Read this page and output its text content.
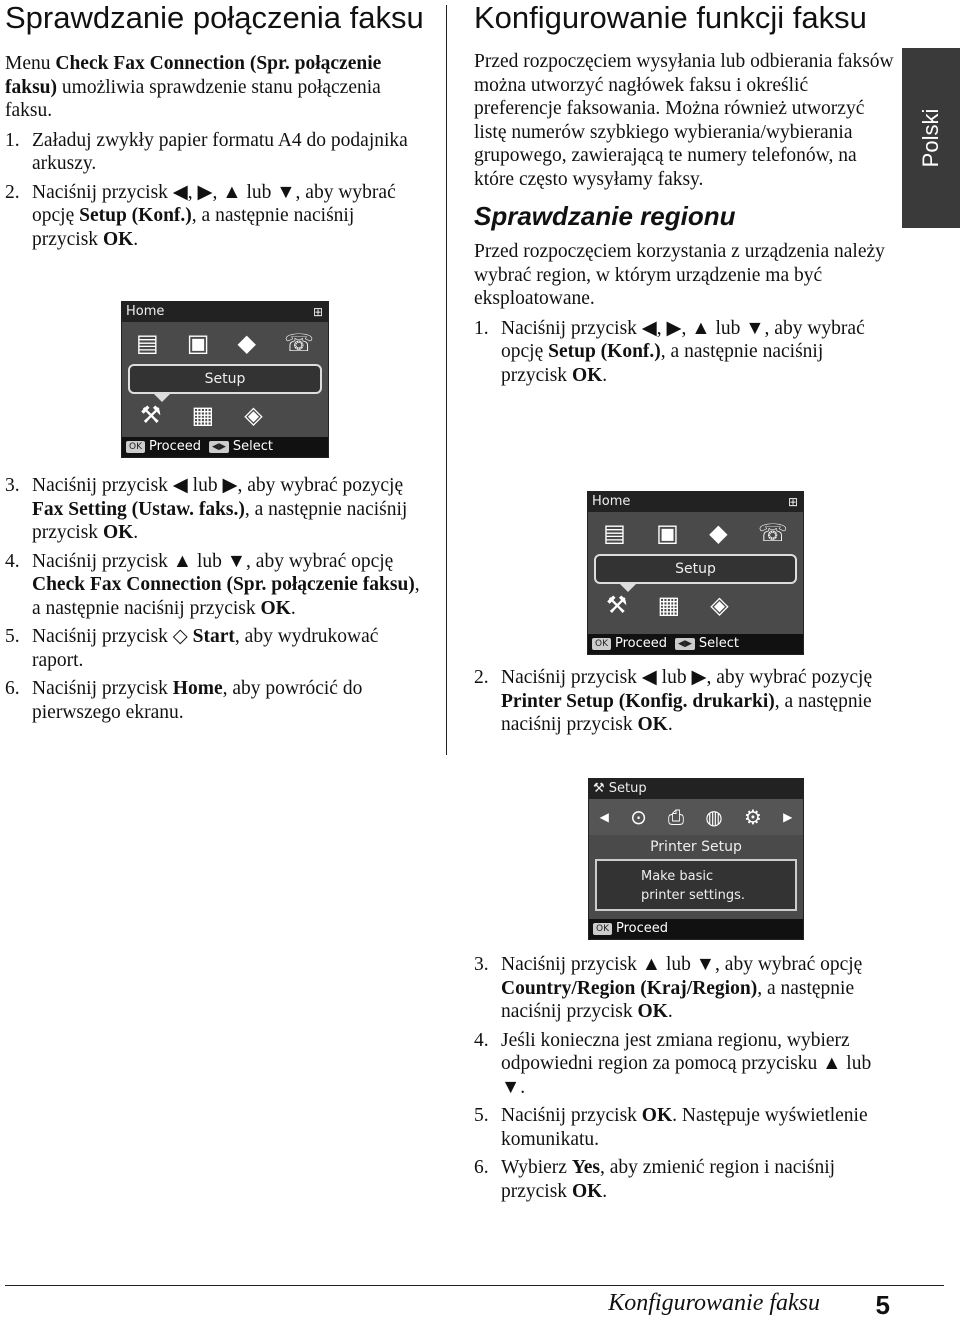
Sprawdzanie połączenia faksu

Menu Check Fax Connection (Spr. połączenie faksu) umożliwia sprawdzenie stanu połączenia faksu.

1. Załaduj zwykły papier formatu A4 do podajnika arkuszy.
2. Naciśnij przycisk ◀, ▶, ▲ lub ▼, aby wybrać opcję Setup (Konf.), a następnie naciśnij przycisk OK.
Home	⊞
▤ ▣ ◆ ☏
Setup
⚒ ▦ ◈
OK Proceed ◀▶ Select
3. Naciśnij przycisk ◀ lub ▶, aby wybrać pozycję Fax Setting (Ustaw. faks.), a następnie naciśnij przycisk OK.
4. Naciśnij przycisk ▲ lub ▼, aby wybrać opcję Check Fax Connection (Spr. połączenie faksu), a następnie naciśnij przycisk OK.
5. Naciśnij przycisk ◇ Start, aby wydrukować raport.
6. Naciśnij przycisk Home, aby powrócić do pierwszego ekranu.
Konfigurowanie funkcji faksu

Przed rozpoczęciem wysyłania lub odbierania faksów można utworzyć nagłówek faksu i określić preferencje faksowania. Można również utworzyć listę numerów szybkiego wybierania/wybierania grupowego, zawierającą te numery telefonów, na które często wysyłamy faksy.

Sprawdzanie regionu

Przed rozpoczęciem korzystania z urządzenia należy wybrać region, w którym urządzenie ma być eksploatowane.

1. Naciśnij przycisk ◀, ▶, ▲ lub ▼, aby wybrać opcję Setup (Konf.), a następnie naciśnij przycisk OK.
Home	⊞
▤ ▣ ◆ ☏
Setup
⚒ ▦ ◈
OK Proceed ◀▶ Select
2. Naciśnij przycisk ◀ lub ▶, aby wybrać pozycję Printer Setup (Konfig. drukarki), a następnie naciśnij przycisk OK.
⚒ Setup
◀ ⊙ ⎙ ◍ ⚙ ▶
Printer Setup
Make basic printer settings.
OK Proceed
3. Naciśnij przycisk ▲ lub ▼, aby wybrać opcję Country/Region (Kraj/Region), a następnie naciśnij przycisk OK.
4. Jeśli konieczna jest zmiana regionu, wybierz odpowiedni region za pomocą przycisku ▲ lub ▼.
5. Naciśnij przycisk OK. Następuje wyświetlenie komunikatu.
6. Wybierz Yes, aby zmienić region i naciśnij przycisk OK.
Polski
Konfigurowanie faksu 5
